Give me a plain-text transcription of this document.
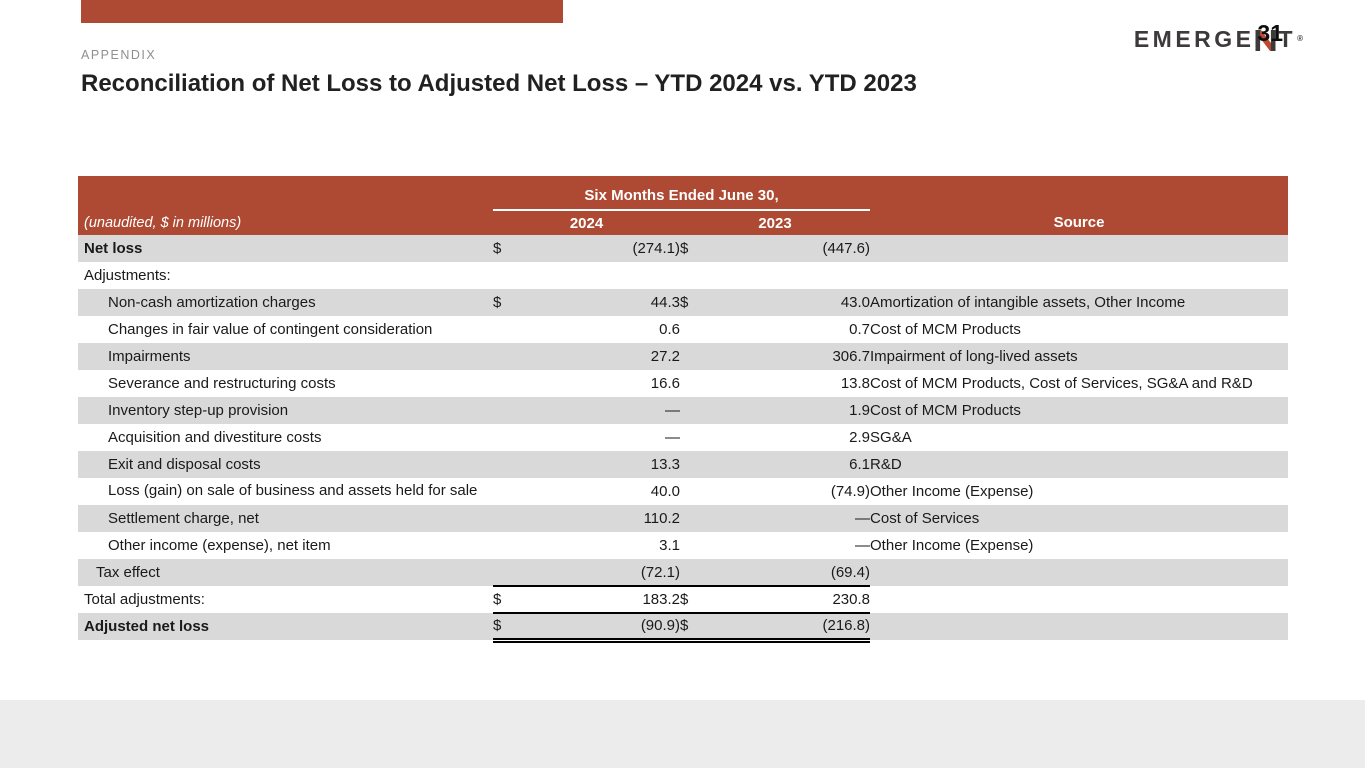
APPENDIX
Reconciliation of Net Loss to Adjusted Net Loss – YTD 2024 vs. YTD 2023
EMERGE T ®
	Six Months Ended June 30,				
(unaudited, $ in millions)	2024		2023		Source
Net loss	$	(274.1)	$	(447.6)	
Adjustments:					
Non-cash amortization charges	$	44.3	$	43.0	Amortization of intangible assets, Other Income
Changes in fair value of contingent consideration		0.6		0.7	Cost of MCM Products
Impairments		27.2		306.7	Impairment of long-lived assets
Severance and restructuring costs		16.6		13.8	Cost of MCM Products, Cost of Services, SG&A and R&D
Inventory step-up provision		—		1.9	Cost of MCM Products
Acquisition and divestiture costs		—		2.9	SG&A
Exit and disposal costs		13.3		6.1	R&D
Loss (gain) on sale of business and assets held for sale		40.0		(74.9)	Other Income (Expense)
Settlement charge, net		110.2		—	Cost of Services
Other income (expense), net item		3.1		—	Other Income (Expense)
Tax effect		(72.1)		(69.4)	
Total adjustments:	$	183.2	$	230.8	
Adjusted net loss	$	(90.9)	$	(216.8)	
31
